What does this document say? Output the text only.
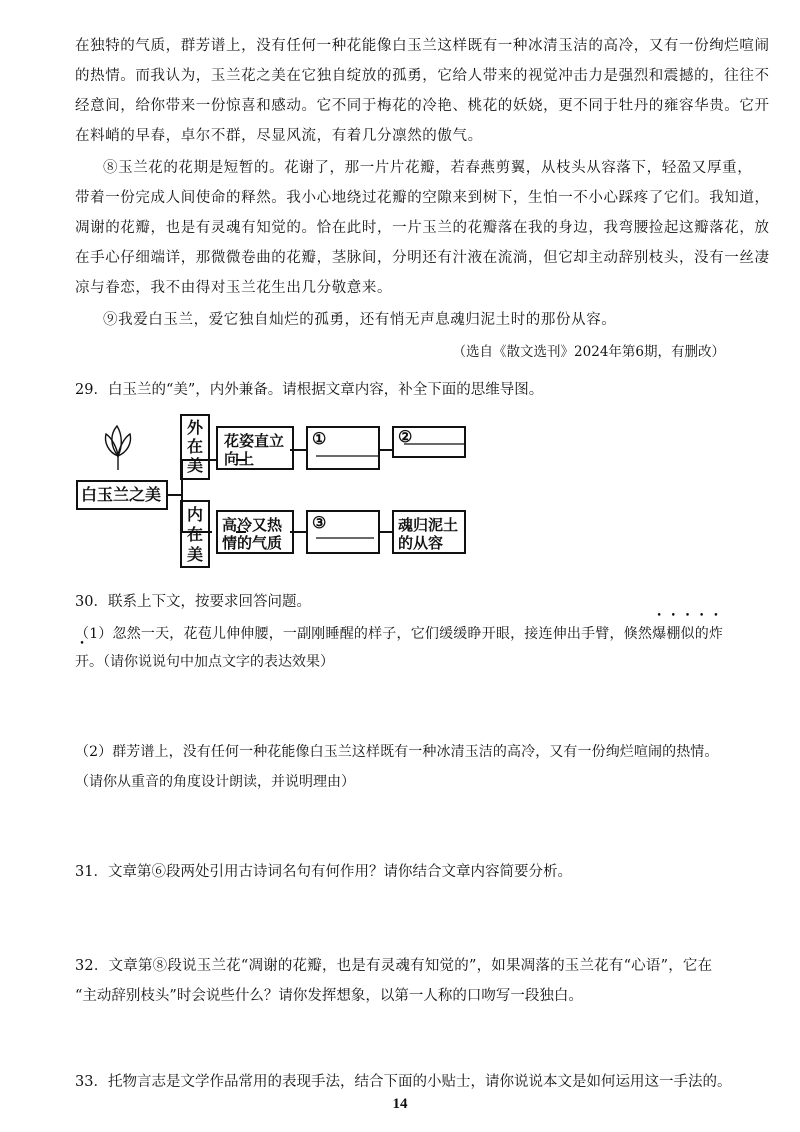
在独特的气质，群芳谱上，没有任何一种花能像白玉兰这样既有一种冰清玉洁的高冷，又有一份绚烂喧闹
的热情。而我认为，玉兰花之美在它独自绽放的孤勇，它给人带来的视觉冲击力是强烈和震撼的，往往不
经意间，给你带来一份惊喜和感动。它不同于梅花的冷艳、桃花的妖娆，更不同于牡丹的雍容华贵。它开
在料峭的早春，卓尔不群，尽显风流，有着几分凛然的傲气。
⑧玉兰花的花期是短暂的。花谢了，那一片片花瓣，若春燕剪翼，从枝头从容落下，轻盈又厚重，
带着一份完成人间使命的释然。我小心地绕过花瓣的空隙来到树下，生怕一不小心踩疼了它们。我知道，
凋谢的花瓣，也是有灵魂有知觉的。恰在此时，一片玉兰的花瓣落在我的身边，我弯腰捡起这瓣落花，放
在手心仔细端详，那微微卷曲的花瓣，茎脉间，分明还有汁液在流淌，但它却主动辞别枝头，没有一丝凄
凉与眷恋，我不由得对玉兰花生出几分敬意来。
⑨我爱白玉兰，爱它独自灿烂的孤勇，还有悄无声息魂归泥土时的那份从容。
（选自《散文选刊》2024年第6期，有删改）
29．白玉兰的“美”，内外兼备。请根据文章内容，补全下面的思维导图。
白玉兰之美
外
在
美
内
在
美
花姿直立
向上
①	②
高冷又热
情的气质
③	魂归泥土
的从容
30．联系上下文，按要求回答问题。
（1）忽然一天，花苞儿伸伸腰，一副刚睡醒的样子，它们缓缓睁开眼，接连伸出手臂，倏然爆棚似的炸
开。（请你说说句中加点文字的表达效果）
（2）群芳谱上，没有任何一种花能像白玉兰这样既有一种冰清玉洁的高冷，又有一份绚烂喧闹的热情。
（请你从重音的角度设计朗读，并说明理由）
31．文章第⑥段两处引用古诗词名句有何作用？请你结合文章内容简要分析。
32．文章第⑧段说玉兰花“凋谢的花瓣，也是有灵魂有知觉的”，如果凋落的玉兰花有“心语”，它在
“主动辞别枝头”时会说些什么？请你发挥想象，以第一人称的口吻写一段独白。
33．托物言志是文学作品常用的表现手法，结合下面的小贴士，请你说说本文是如何运用这一手法的。
14
